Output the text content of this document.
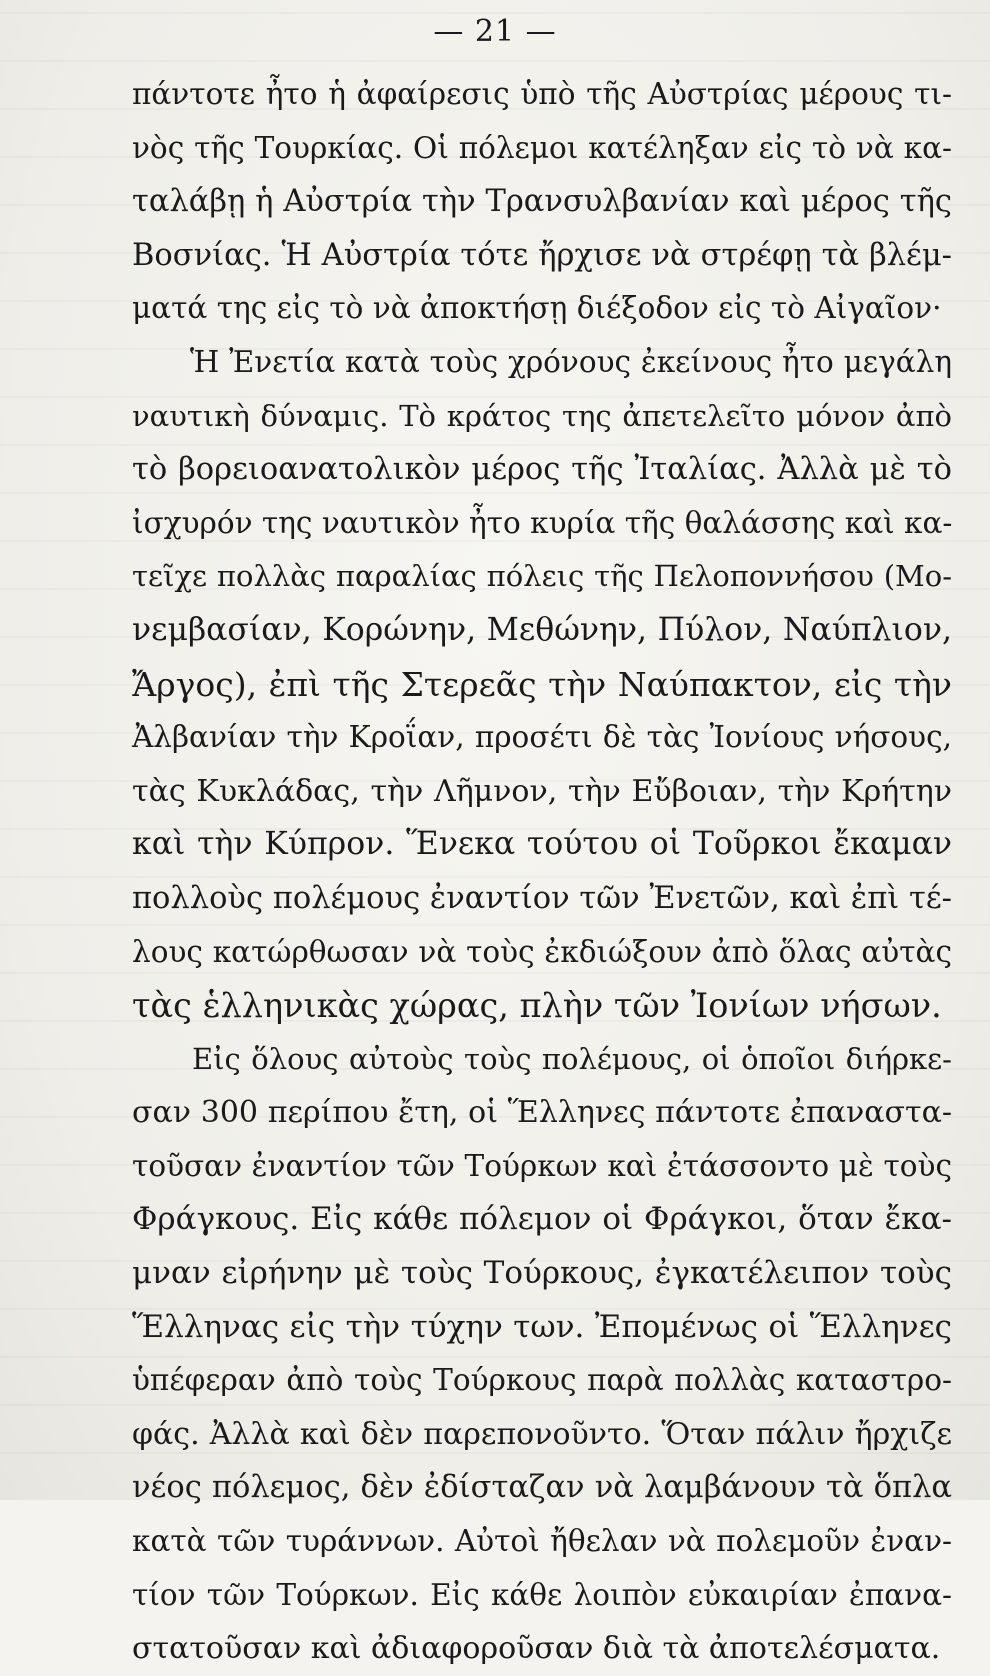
— 21 —
πάντοτε ἦτο ἡ ἀφαίρεσις ὑπὸ τῆς Αὐστρίας μέρους τι-
νὸς τῆς Τουρκίας. Οἱ πόλεμοι κατέληξαν εἰς τὸ νὰ κα-
ταλάβῃ ἡ Αὐστρία τὴν Τρανσυλβανίαν καὶ μέρος τῆς
Βοσνίας. Ἡ Αὐστρία τότε ἤρχισε νὰ στρέφῃ τὰ βλέμ-
ματά της εἰς τὸ νὰ ἀποκτήσῃ διέξοδον εἰς τὸ Αἰγαῖον·
Ἡ Ἐνετία κατὰ τοὺς χρόνους ἐκείνους ἦτο μεγάλη
ναυτικὴ δύναμις. Τὸ κράτος της ἀπετελεῖτο μόνον ἀπὸ
τὸ βορειοανατολικὸν μέρος τῆς Ἰταλίας. Ἀλλὰ μὲ τὸ
ἰσχυρόν της ναυτικὸν ἦτο κυρία τῆς θαλάσσης καὶ κα-
τεῖχε πολλὰς παραλίας πόλεις τῆς Πελοποννήσου (Μο-
νεμβασίαν, Κορώνην, Μεθώνην, Πύλον, Ναύπλιον,
Ἄργος), ἐπὶ τῆς Στερεᾶς τὴν Ναύπακτον, εἰς τὴν
Ἀλβανίαν τὴν Κροΐαν, προσέτι δὲ τὰς Ἰονίους νήσους,
τὰς Κυκλάδας, τὴν Λῆμνον, τὴν Εὔβοιαν, τὴν Κρήτην
καὶ τὴν Κύπρον. Ἕνεκα τούτου οἱ Τοῦρκοι ἔκαμαν
πολλοὺς πολέμους ἐναντίον τῶν Ἐνετῶν, καὶ ἐπὶ τέ-
λους κατώρθωσαν νὰ τοὺς ἐκδιώξουν ἀπὸ ὅλας αὐτὰς
τὰς ἑλληνικὰς χώρας, πλὴν τῶν Ἰονίων νήσων.
Εἰς ὅλους αὐτοὺς τοὺς πολέμους, οἱ ὁποῖοι διήρκε-
σαν 300 περίπου ἔτη, οἱ Ἕλληνες πάντοτε ἐπαναστα-
τοῦσαν ἐναντίον τῶν Τούρκων καὶ ἐτάσσοντο μὲ τοὺς
Φράγκους. Εἰς κάθε πόλεμον οἱ Φράγκοι, ὅταν ἔκα-
μναν εἰρήνην μὲ τοὺς Τούρκους, ἐγκατέλειπον τοὺς
Ἕλληνας εἰς τὴν τύχην των. Ἐπομένως οἱ Ἕλληνες
ὑπέφεραν ἀπὸ τοὺς Τούρκους παρὰ πολλὰς καταστρο-
φάς. Ἀλλὰ καὶ δὲν παρεπονοῦντο. Ὅταν πάλιν ἤρχιζε
νέος πόλεμος, δὲν ἐδίσταζαν νὰ λαμβάνουν τὰ ὅπλα
κατὰ τῶν τυράννων. Αὐτοὶ ἤθελαν νὰ πολεμοῦν ἐναν-
τίον τῶν Τούρκων. Εἰς κάθε λοιπὸν εὐκαιρίαν ἐπανα-
στατοῦσαν καὶ ἀδιαφοροῦσαν διὰ τὰ ἀποτελέσματα.
